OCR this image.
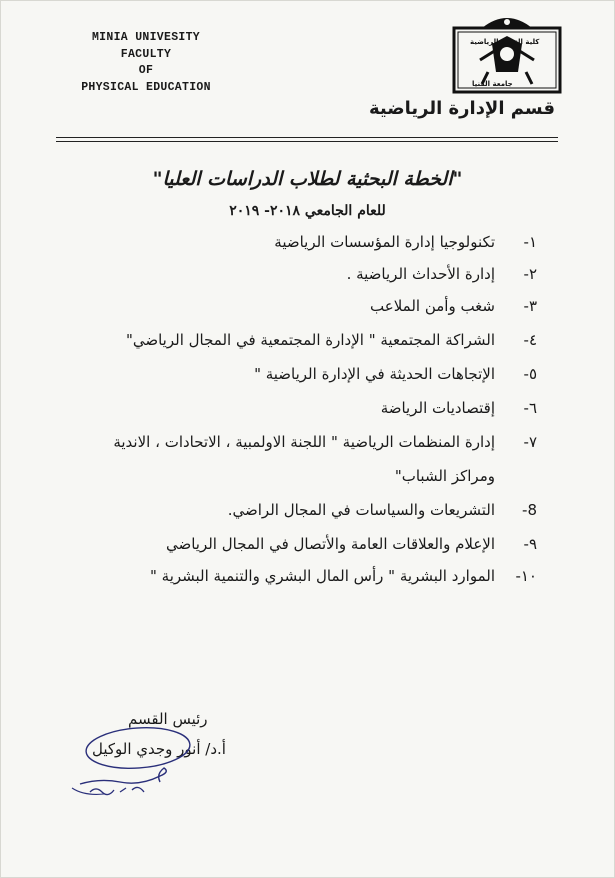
MINIA UNIVESITY
FACULTY
OF
PHYSICAL EDUCATION
كلية التربية الرياضية
جامعة المنيا
قسم الإدارة الرياضية
"الخطة البحثية لطلاب الدراسات العليا"
للعام الجامعي ٢٠١٨- ٢٠١٩
١-تكنولوجيا إدارة المؤسسات الرياضية
٢-إدارة الأحداث الرياضية .
٣-شغب وأمن الملاعب
٤-الشراكة المجتمعية " الإدارة المجتمعية في المجال الرياضي"
٥-الإتجاهات الحديثة في الإدارة الرياضية "
٦-إقتصاديات الرياضة
٧-إدارة المنظمات الرياضية " اللجنة الاولمبية ، الاتحادات ، الاندية
ومراكز الشباب"
8-التشريعات والسياسات في المجال الراضي.
٩-الإعلام والعلاقات العامة والأتصال في المجال الرياضي
١٠-الموارد البشرية " رأس المال البشري والتنمية البشرية "
رئيس القسم
أ.د/ أنور وجدي الوكيل
